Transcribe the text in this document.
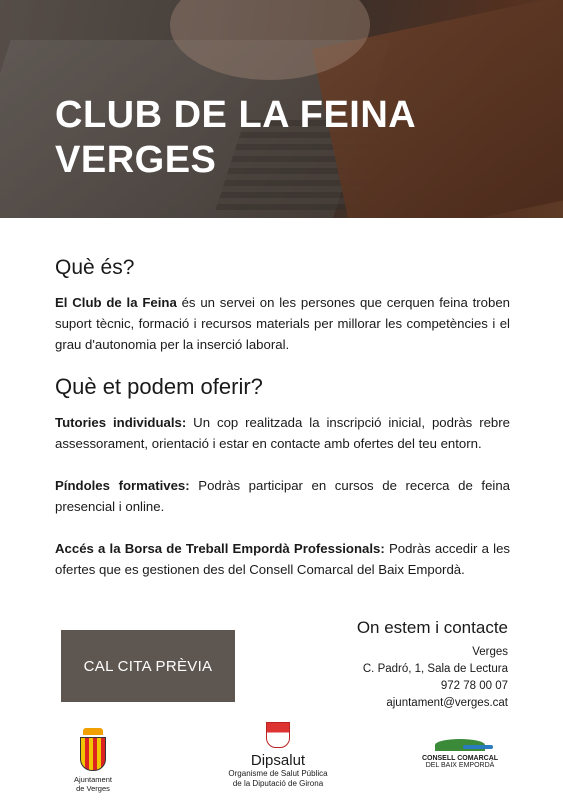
CLUB DE LA FEINA
VERGES
Què és?

El Club de la Feina és un servei on les persones que cerquen feina troben suport tècnic, formació i recursos materials per millorar les competències i el grau d'autonomia per la inserció laboral.

Què et podem oferir?

Tutories individuals: Un cop realitzada la inscripció inicial, podràs rebre assessorament, orientació i estar en contacte amb ofertes del teu entorn.

Píndoles formatives: Podràs participar en cursos de recerca de feina presencial i online.

Accés a la Borsa de Treball Empordà Professionals: Podràs accedir a les ofertes que es gestionen des del Consell Comarcal del Baix Empordà.

CAL CITA PRÈVIA
On estem i contacte
Verges
C. Padró, 1, Sala de Lectura
972 78 00 07
ajuntament@verges.cat
Ajuntament
de Verges
Dipsalut
Organisme de Salut Pública
de la Diputació de Girona
CONSELL COMARCAL
DEL BAIX EMPORDÀ
